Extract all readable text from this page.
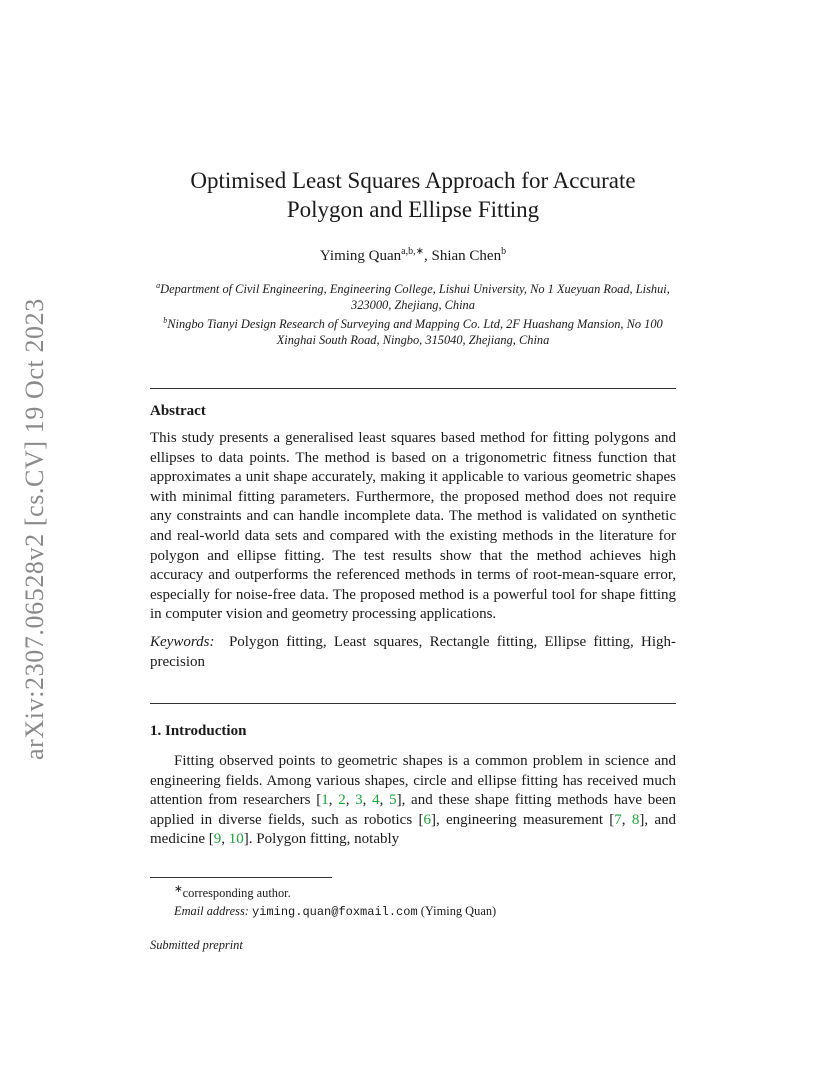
arXiv:2307.06528v2 [cs.CV] 19 Oct 2023
Optimised Least Squares Approach for Accurate
Polygon and Ellipse Fitting
Yiming Quan$^{a,b,∗}$, Shian Chen$^b$
$^a$Department of Civil Engineering, Engineering College, Lishui University, No 1 Xueyuan Road, Lishui, 323000, Zhejiang, China
$^b$Ningbo Tianyi Design Research of Surveying and Mapping Co. Ltd, 2F Huashang Mansion, No 100 Xinghai South Road, Ningbo, 315040, Zhejiang, China
Abstract

This study presents a generalised least squares based method for fitting polygons and ellipses to data points. The method is based on a trigonometric fitness function that approximates a unit shape accurately, making it applicable to various geometric shapes with minimal fitting parameters. Furthermore, the proposed method does not require any constraints and can handle incomplete data. The method is validated on synthetic and real-world data sets and compared with the existing methods in the literature for polygon and ellipse fitting. The test results show that the method achieves high accuracy and outperforms the referenced methods in terms of root-mean-square error, especially for noise-free data. The proposed method is a powerful tool for shape fitting in computer vision and geometry processing applications.

Keywords: Polygon fitting, Least squares, Rectangle fitting, Ellipse fitting, High-precision

1. Introduction

Fitting observed points to geometric shapes is a common problem in science and engineering fields. Among various shapes, circle and ellipse fitting has received much attention from researchers [1, 2, 3, 4, 5], and these shape fitting methods have been applied in diverse fields, such as robotics [6], engineering measurement [7, 8], and medicine [9, 10]. Polygon fitting, notably

∗corresponding author.
Email address: yiming.quan@foxmail.com (Yiming Quan)
Submitted preprint
